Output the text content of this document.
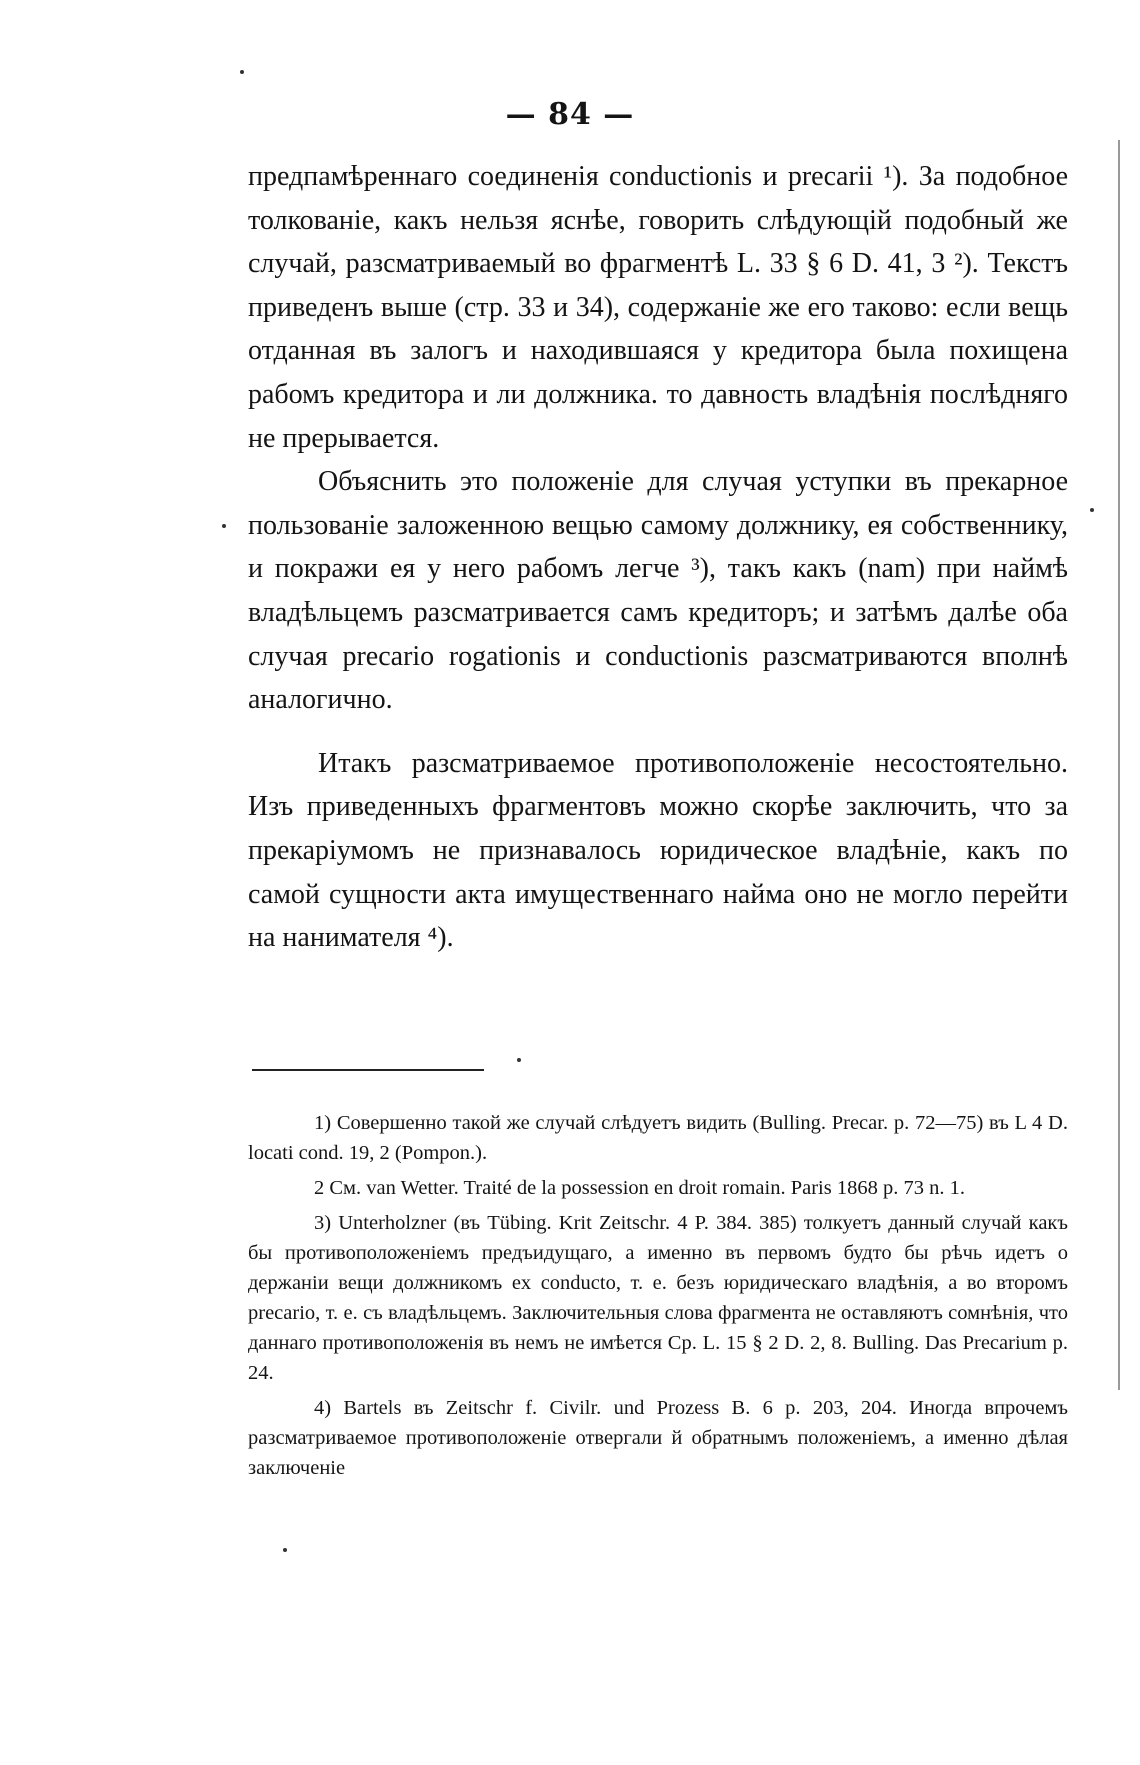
— 84 —

предпамѣреннаго соединенія conductionis и precarii ¹). За подобное толкованіе, какъ нельзя яснѣе, говорить слѣдующій подобный же случай, разсматриваемый во фрагментѣ L. 33 § 6 D. 41, 3 ²). Текстъ приведенъ выше (стр. 33 и 34), содержаніе же его таково: если вещь отданная въ залогъ и находившаяся у кредитора была похищена рабомъ кредитора и ли должника. то давность владѣнія послѣдняго не прерывается.

Объяснить это положеніе для случая уступки въ прекарное пользованіе заложенною вещью самому должнику, ея собственнику, и покражи ея у него рабомъ легче ³), такъ какъ (nam) при наймѣ владѣльцемъ разсматривается самъ кредиторъ; и затѣмъ далѣе оба случая precario rogationis и conductionis разсматриваются вполнѣ аналогично.

Итакъ разсматриваемое противоположеніе несостоятельно. Изъ приведенныхъ фрагментовъ можно скорѣе заключить, что за прекаріумомъ не признавалось юридическое владѣніе, какъ по самой сущности акта имущественнаго найма оно не могло перейти на нанимателя ⁴).

1) Совершенно такой же случай слѣдуетъ видить (Bulling. Precar. p. 72—75) въ L 4 D. locati cond. 19, 2 (Pompon.).

2 См. van Wetter. Traité de la possession en droit romain. Paris 1868 p. 73 n. 1.

3) Unterholzner (въ Tübing. Krit Zeitschr. 4 P. 384. 385) толкуетъ данный случай какъ бы противоположеніемъ предъидущаго, а именно въ первомъ будто бы рѣчь идетъ о держаніи вещи должникомъ ex conducto, т. е. безъ юридическаго владѣнія, а во второмъ precario, т. е. съ владѣльцемъ. Заключительныя слова фрагмента не оставляютъ сомнѣнія, что даннаго противоположенія въ немъ не имѣется Ср. L. 15 § 2 D. 2, 8. Bulling. Das Precarium p. 24.

4) Bartels въ Zeitschr f. Civilr. und Prozess B. 6 p. 203, 204. Иногда впрочемъ разсматриваемое противоположеніе отвергали й обратнымъ положеніемъ, а именно дѣлая заключеніе
